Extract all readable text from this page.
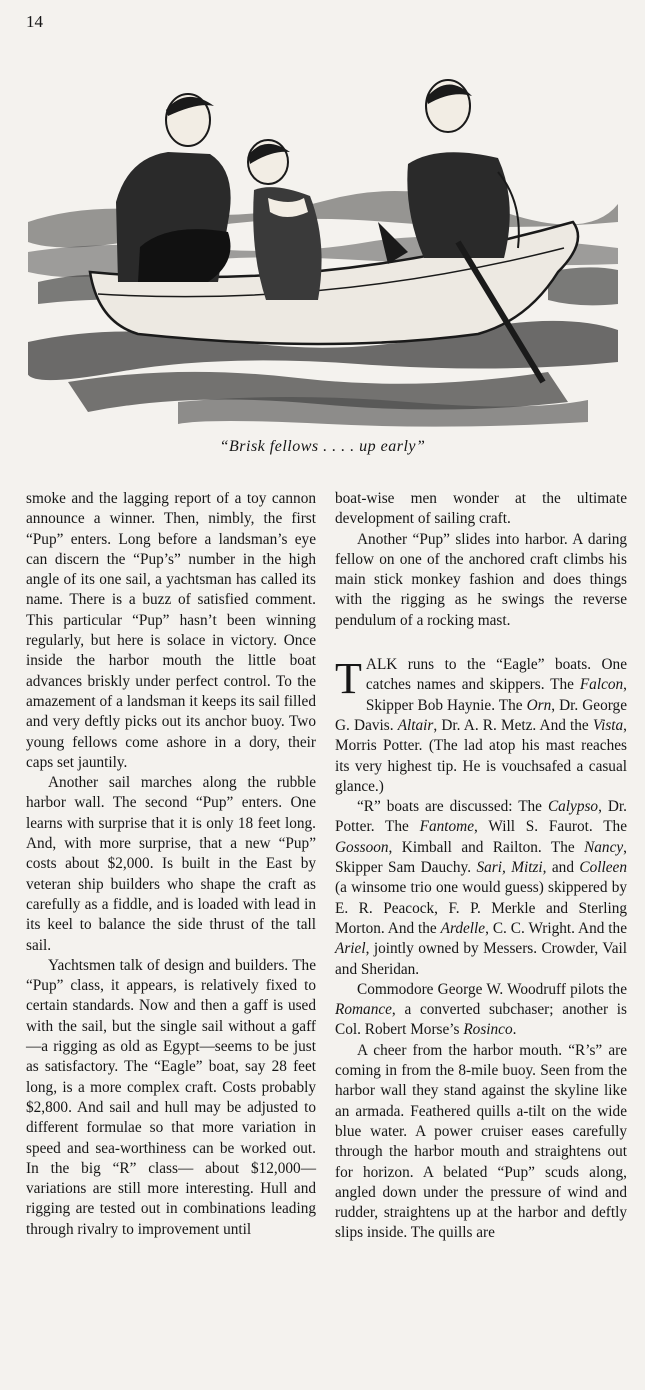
14
“Brisk fellows . . . . up early”

smoke and the lagging report of a toy cannon announce a winner. Then, nimbly, the first “Pup” enters. Long before a landsman’s eye can discern the “Pup’s” number in the high angle of its one sail, a yachtsman has called its name. There is a buzz of satisfied comment. This particular “Pup” hasn’t been winning regularly, but here is solace in victory. Once inside the harbor mouth the little boat advances briskly under perfect control. To the amazement of a landsman it keeps its sail filled and very deftly picks out its anchor buoy. Two young fellows come ashore in a dory, their caps set jauntily.

Another sail marches along the rubble harbor wall. The second “Pup” enters. One learns with surprise that it is only 18 feet long. And, with more surprise, that a new “Pup” costs about $2,000. Is built in the East by veteran ship builders who shape the craft as carefully as a fiddle, and is loaded with lead in its keel to balance the side thrust of the tall sail.

Yachtsmen talk of design and builders. The “Pup” class, it appears, is relatively fixed to certain standards. Now and then a gaff is used with the sail, but the single sail without a gaff —a rigging as old as Egypt—seems to be just as satisfactory. The “Eagle” boat, say 28 feet long, is a more complex craft. Costs probably $2,800. And sail and hull may be adjusted to different formulae so that more variation in speed and sea-worthiness can be worked out. In the big “R” class— about $12,000—variations are still more interesting. Hull and rigging are tested out in combinations leading through rivalry to improvement until

boat-wise men wonder at the ultimate development of sailing craft.

Another “Pup” slides into harbor. A daring fellow on one of the anchored craft climbs his main stick monkey fashion and does things with the rigging as he swings the reverse pendulum of a rocking mast.

TALK runs to the “Eagle” boats. One catches names and skippers. The Falcon, Skipper Bob Haynie. The Orn, Dr. George G. Davis. Altair, Dr. A. R. Metz. And the Vista, Morris Potter. (The lad atop his mast reaches its very highest tip. He is vouchsafed a casual glance.)

“R” boats are discussed: The Calypso, Dr. Potter. The Fantome, Will S. Faurot. The Gossoon, Kimball and Railton. The Nancy, Skipper Sam Dauchy. Sari, Mitzi, and Colleen (a winsome trio one would guess) skippered by E. R. Peacock, F. P. Merkle and Sterling Morton. And the Ardelle, C. C. Wright. And the Ariel, jointly owned by Messers. Crowder, Vail and Sheridan.

Commodore George W. Woodruff pilots the Romance, a converted subchaser; another is Col. Robert Morse’s Rosinco.

A cheer from the harbor mouth. “R’s” are coming in from the 8-mile buoy. Seen from the harbor wall they stand against the skyline like an armada. Feathered quills a-tilt on the wide blue water. A power cruiser eases carefully through the harbor mouth and straightens out for horizon. A belated “Pup” scuds along, angled down under the pressure of wind and rudder, straightens up at the harbor and deftly slips inside. The quills are
